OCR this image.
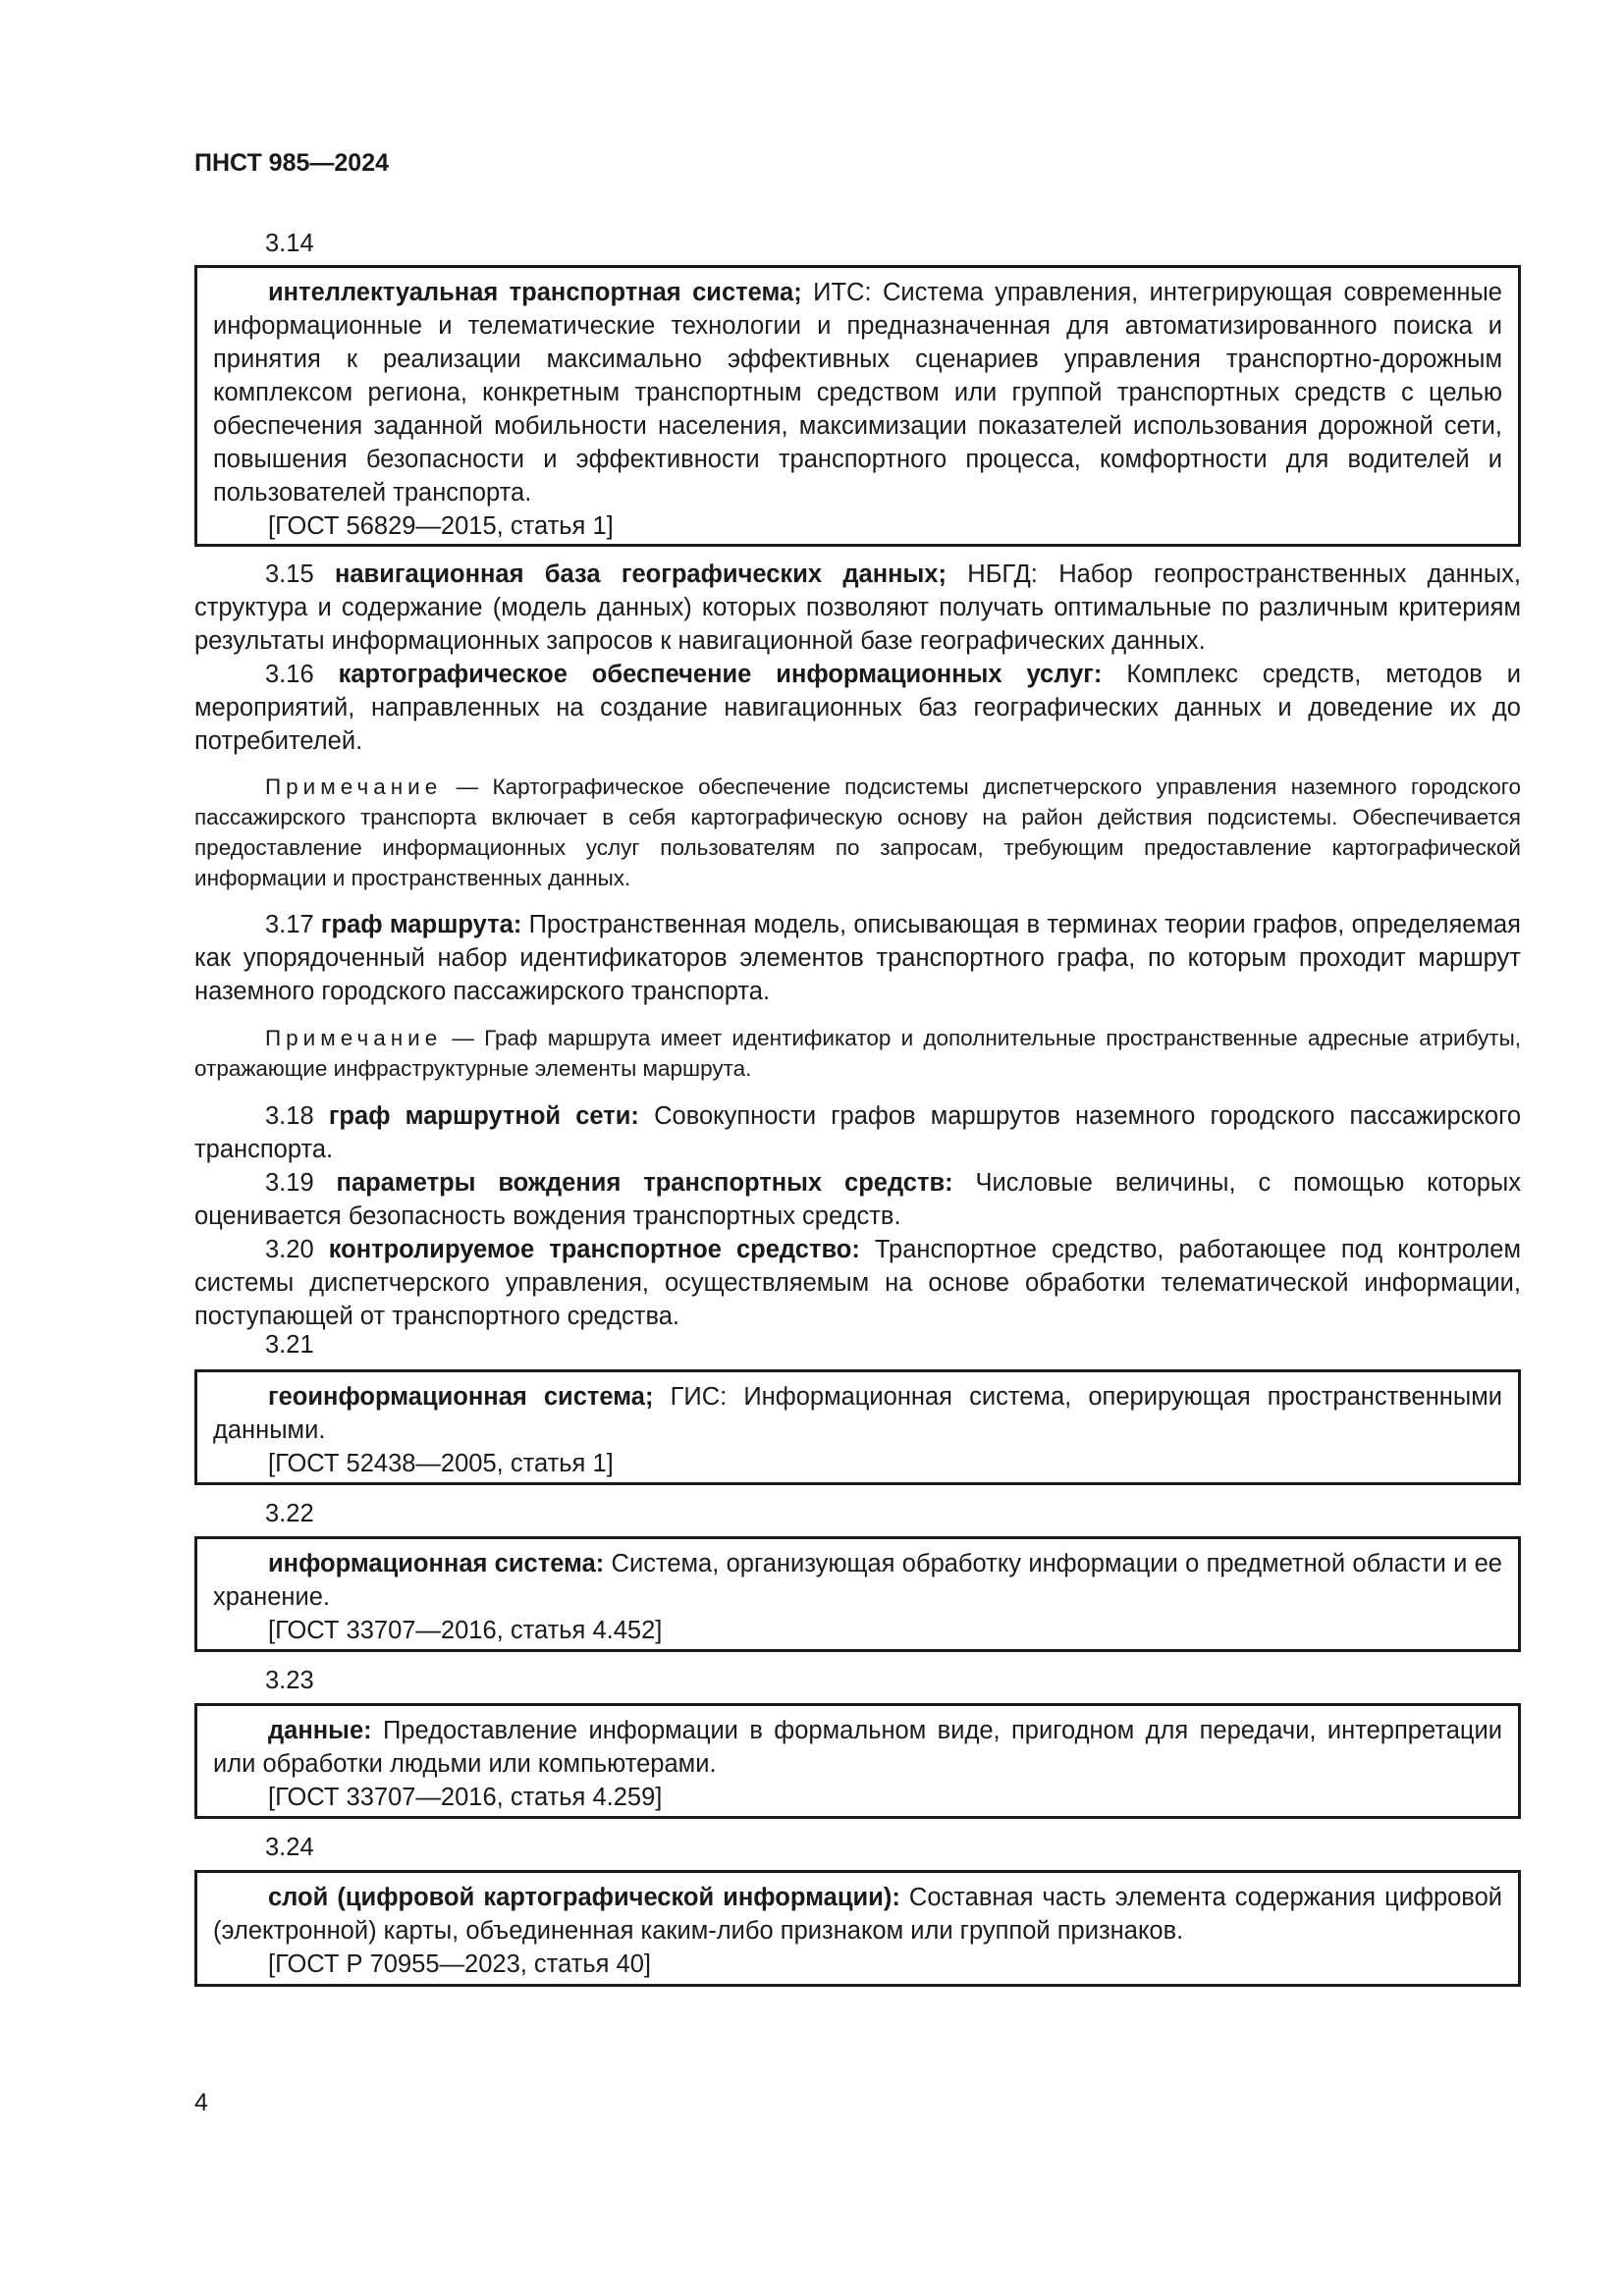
ПНСТ 985—2024
3.14

интеллектуальная транспортная система; ИТС: Система управления, интегрирующая современные информационные и телематические технологии и предназначенная для автоматизированного поиска и принятия к реализации максимально эффективных сценариев управления транспортно-дорожным комплексом региона, конкретным транспортным средством или группой транспортных средств с целью обеспечения заданной мобильности населения, максимизации показателей использования дорожной сети, повышения безопасности и эффективности транспортного процесса, комфортности для водителей и пользователей транспорта.

[ГОСТ 56829—2015, статья 1]

3.15 навигационная база географических данных; НБГД: Набор геопространственных данных, структура и содержание (модель данных) которых позволяют получать оптимальные по различным критериям результаты информационных запросов к навигационной базе географических данных.

3.16 картографическое обеспечение информационных услуг: Комплекс средств, методов и мероприятий, направленных на создание навигационных баз географических данных и доведение их до потребителей.

Примечание — Картографическое обеспечение подсистемы диспетчерского управления наземного городского пассажирского транспорта включает в себя картографическую основу на район действия подсистемы. Обеспечивается предоставление информационных услуг пользователям по запросам, требующим предоставление картографической информации и пространственных данных.

3.17 граф маршрута: Пространственная модель, описывающая в терминах теории графов, определяемая как упорядоченный набор идентификаторов элементов транспортного графа, по которым проходит маршрут наземного городского пассажирского транспорта.

Примечание — Граф маршрута имеет идентификатор и дополнительные пространственные адресные атрибуты, отражающие инфраструктурные элементы маршрута.

3.18 граф маршрутной сети: Совокупности графов маршрутов наземного городского пассажирского транспорта.

3.19 параметры вождения транспортных средств: Числовые величины, с помощью которых оценивается безопасность вождения транспортных средств.

3.20 контролируемое транспортное средство: Транспортное средство, работающее под контролем системы диспетчерского управления, осуществляемым на основе обработки телематической информации, поступающей от транспортного средства.

3.21

геоинформационная система; ГИС: Информационная система, оперирующая пространственными данными.

[ГОСТ 52438—2005, статья 1]

3.22

информационная система: Система, организующая обработку информации о предметной области и ее хранение.

[ГОСТ 33707—2016, статья 4.452]

3.23

данные: Предоставление информации в формальном виде, пригодном для передачи, интерпретации или обработки людьми или компьютерами.

[ГОСТ 33707—2016, статья 4.259]

3.24

слой (цифровой картографической информации): Составная часть элемента содержания цифровой (электронной) карты, объединенная каким-либо признаком или группой признаков.

[ГОСТ Р 70955—2023, статья 40]

4
